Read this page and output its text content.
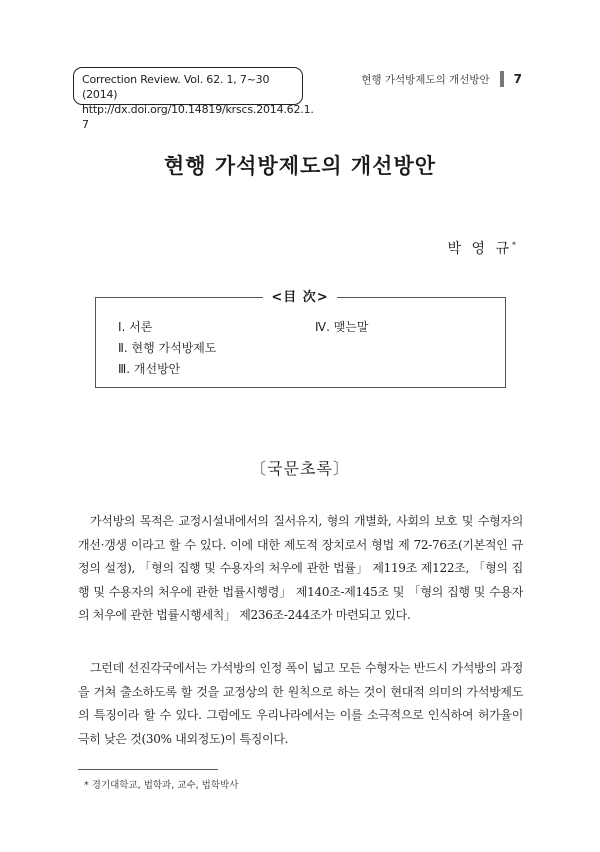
Correction Review. Vol. 62. 1, 7~30 (2014)
http://dx.doi.org/10.14819/krscs.2014.62.1. 7
현행 가석방제도의 개선방안 7
현행 가석방제도의 개선방안
박 영 규*
<目 次>
Ⅰ. 서론
Ⅱ. 현행 가석방제도
Ⅲ. 개선방안
Ⅳ. 맺는말
〔국문초록〕

가석방의 목적은 교정시설내에서의 질서유지, 형의 개별화, 사회의 보호 및 수형자의 개선·갱생 이라고 할 수 있다. 이에 대한 제도적 장치로서 형법 제 72-76조(기본적인 규정의 설정), 「형의 집행 및 수용자의 처우에 관한 법률」 제119조 제122조, 「형의 집행 및 수용자의 처우에 관한 법률시행령」 제140조-제145조 및 「형의 집행 및 수용자의 처우에 관한 법률시행세칙」 제236조-244조가 마련되고 있다.

그런데 선진각국에서는 가석방의 인정 폭이 넓고 모든 수형자는 반드시 가석방의 과정을 거쳐 출소하도록 할 것을 교정상의 한 원칙으로 하는 것이 현대적 의미의 가석방제도의 특징이라 할 수 있다. 그럼에도 우리나라에서는 이를 소극적으로 인식하여 허가율이 극히 낮은 것(30% 내외정도)이 특징이다.

* 경기대학교, 법학과, 교수, 법학박사
